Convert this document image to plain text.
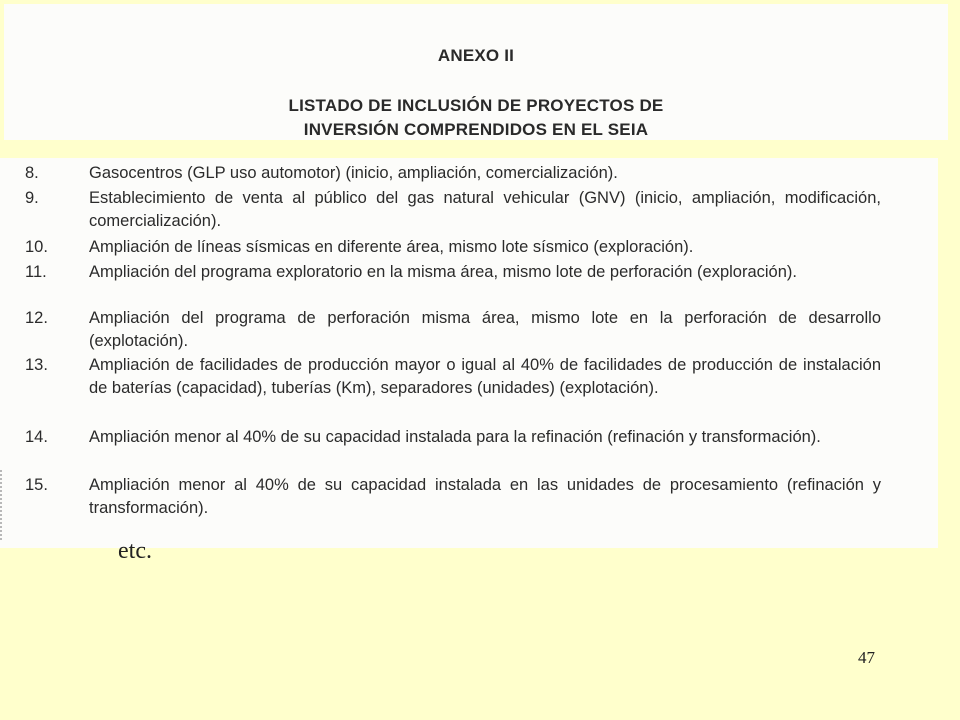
ANEXO II
LISTADO DE INCLUSIÓN DE PROYECTOS DE
INVERSIÓN COMPRENDIDOS EN EL SEIA
8.	Gasocentros (GLP uso automotor) (inicio, ampliación, comercialización).
9.	Establecimiento de venta al público del gas natural vehicular (GNV) (inicio, ampliación, modificación, comercialización).
10. Ampliación de líneas sísmicas en diferente área, mismo lote sísmico (exploración).
11.	Ampliación del programa exploratorio en la misma área, mismo lote de perforación (exploración).
12. Ampliación del programa de perforación misma área, mismo lote en la perforación de desarrollo (explotación).
13. Ampliación de facilidades de producción mayor o igual al 40% de facilidades de producción de instalación de baterías (capacidad), tuberías (Km), separadores (unidades) (explotación).
14. Ampliación menor al 40% de su capacidad instalada para la refinación (refinación y transformación).
15. Ampliación menor al 40% de su capacidad instalada en las unidades de procesamiento (refinación y transformación).
etc.
47
